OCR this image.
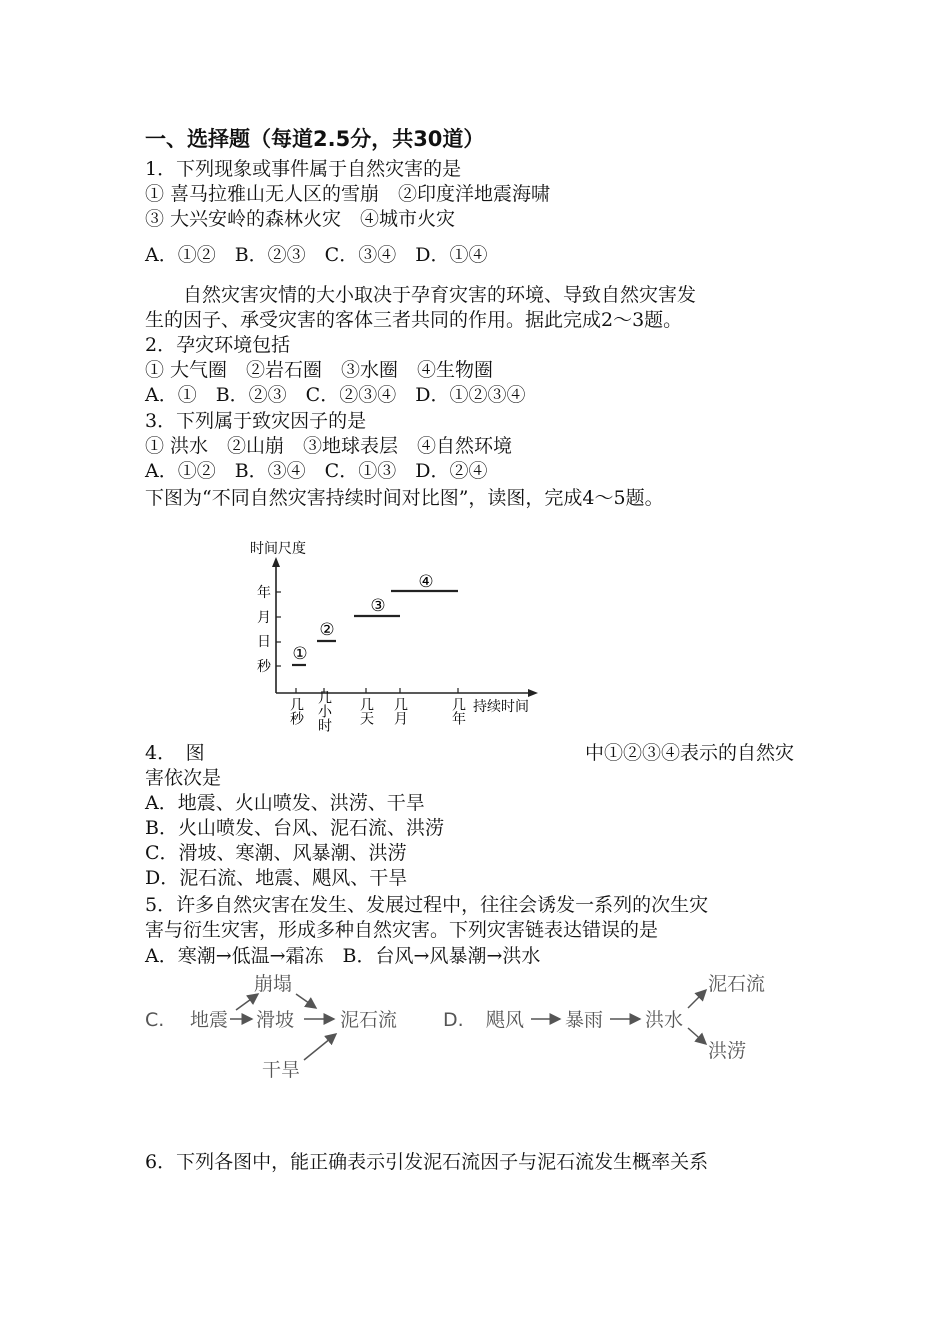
一、选择题（每道2.5分，共30道）
1．下列现象或事件属于自然灾害的是
① 喜马拉雅山无人区的雪崩　②印度洋地震海啸
③ 大兴安岭的森林火灾　④城市火灾
A．①②　B．②③　C．③④　D．①④
　　自然灾害灾情的大小取决于孕育灾害的环境、导致自然灾害发
生的因子、承受灾害的客体三者共同的作用。据此完成2～3题。
2．孕灾环境包括
① 大气圈　②岩石圈　③水圈　④生物圈
A．①　B．②③　C．②③④　D．①②③④
3．下列属于致灾因子的是
① 洪水　②山崩　③地球表层　④自然环境
A．①②　B．③④　C．①③　D．②④
下图为“不同自然灾害持续时间对比图”，读图，完成4～5题。
时间尺度
年
月
日
秒
几秒 几小时 几天 几月	几年 持续时间
①
②
③
④
4．　图	中①②③④表示的自然灾
害依次是
A．地震、火山喷发、洪涝、干旱
B．火山喷发、台风、泥石流、洪涝
C．滑坡、寒潮、风暴潮、洪涝
D．泥石流、地震、飓风、干旱
5．许多自然灾害在发生、发展过程中，往往会诱发一系列的次生灾
害与衍生灾害，形成多种自然灾害。下列灾害链表达错误的是
A．寒潮→低温→霜冻　B．台风→风暴潮→洪水
C. 地震 滑坡
崩塌
泥石流
干旱
D. 飓风 暴雨 洪水
泥石流
洪涝
6．下列各图中，能正确表示引发泥石流因子与泥石流发生概率关系
